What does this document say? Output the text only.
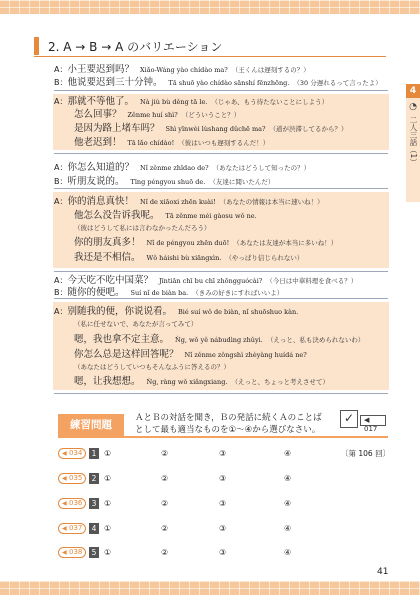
2. A → B → A のバリエーション
4
◔
二人三話（1）
A：小王要迟到吗？ Xiǎo-Wáng yào chídào ma? （王くんは遅刻するの？）
B：他说要迟到三十分钟。 Tā shuō yào chídào sānshí fēnzhōng. （30 分遅れるって言ったよ）
A：那就不等他了。 Nà jiù bù děng tā le. （じゃあ、もう待たないことにしよう）
怎么回事？ Zěnme huí shì? （どういうこと？）
是因为路上堵车吗？ Shì yīnwèi lùshang dǔchē ma? （道が渋滞してるから？）
他老迟到！ Tā lǎo chídào! （彼はいつも遅刻するんだ！）
A：你怎么知道的？ Nǐ zěnme zhīdao de? （あなたはどうして知ったの？）
B：听朋友说的。 Tīng péngyou shuō de. （友達に聞いたんだ）
A：你的消息真快！ Nǐ de xiāoxi zhēn kuài! （あなたの情報は本当に速いね！）
他怎么没告诉我呢。 Tā zěnme méi gàosu wǒ ne.
（彼はどうして私には言わなかったんだろう）
你的朋友真多！ Nǐ de péngyou zhēn duō! （あなたは友達が本当に多いね！）
我还是不相信。 Wǒ háishi bù xiāngxìn. （やっぱり信じられない）
A：今天吃不吃中国菜？ Jīntiān chī bu chī zhōngguócài? （今日は中華料理を食べる？）
B：随你的便吧。 Suí nǐ de biàn ba. （きみの好きにすればいいよ）
A：别随我的便，你说说看。 Bié suí wǒ de biàn, nǐ shuōshuo kàn.
（私に任せないで、あなたが言ってみて）
嗯，我也拿不定主意。 Ǹg, wǒ yě nábudìng zhǔyi. （えっと、私も決められないわ）
你怎么总是这样回答呢？ Nǐ zěnme zǒngshì zhèyàng huídá ne?
（あなたはどうしていつもそんなふうに答えるの？）
嗯，让我想想。 Ǹg, ràng wǒ xiǎngxiang. （えっと、ちょっと考えさせて）
練習問題
ＡとＢの対話を聞き，Ｂの発話に続くＡのことば
として最も適当なものを①～④から選びなさい。
✓	◀ 017
◀ 034	1 ①	②	③	④	〔第 106 回〕
◀ 035	2 ①	②	③	④
◀ 036	3 ①	②	③	④
◀ 037	4 ①	②	③	④
◀ 038	5 ①	②	③	④
41
